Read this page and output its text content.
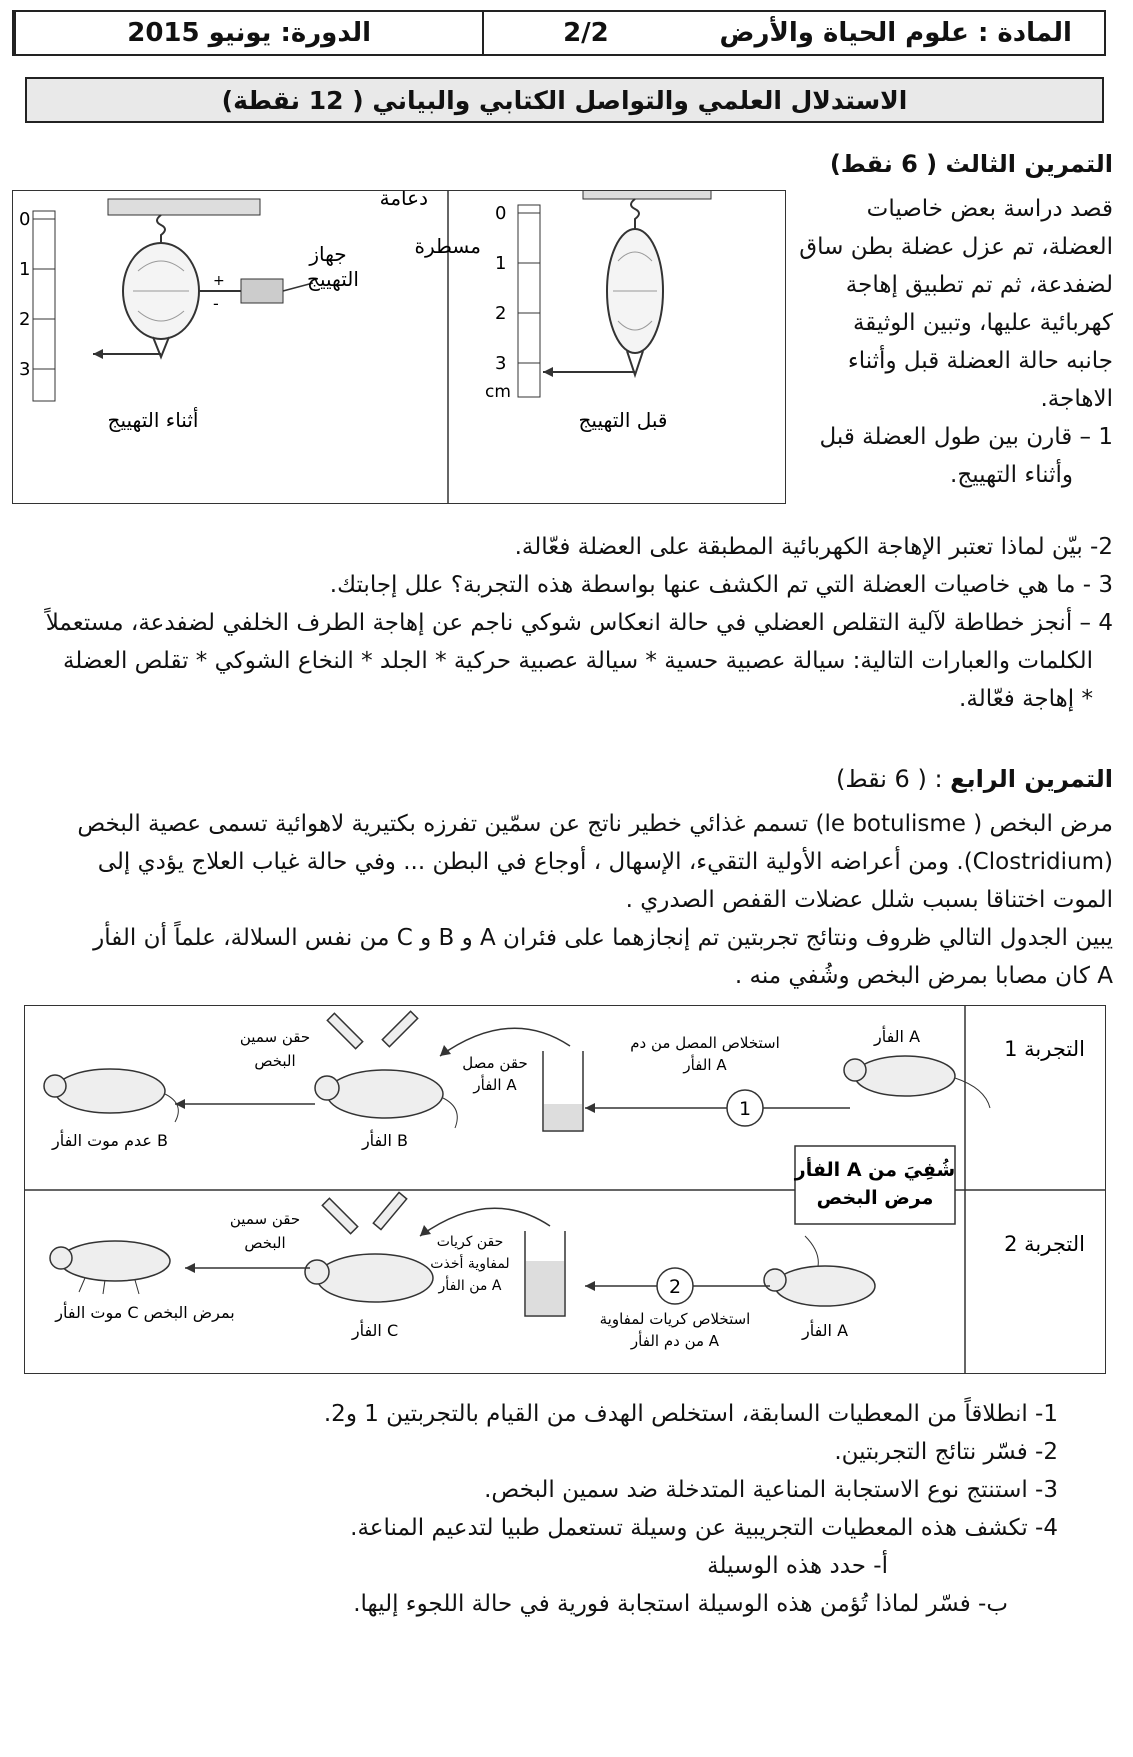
الدورة: يونيو 2015	2/2	المادة : علوم الحياة والأرض
الاستدلال العلمي والتواصل الكتابي والبياني ( 12 نقطة)
التمرين الثالث ( 6 نقط)
قصد دراسة بعض خاصيات
العضلة، تم عزل عضلة بطن ساق
لضفدعة، ثم تم تطبيق إهاجة
كهربائية عليها، وتبين الوثيقة
جانبه حالة العضلة قبل وأثناء
الاهاجة.
1 – قارن بين طول العضلة قبل
وأثناء التهييج.
+
-
جهاز
التهييج
0
1
2
3
أثناء التهييج
دعامة
مسطرة
0
1
2
3
cm
قبل التهييج
2- بيّن لماذا تعتبر الإهاجة الكهربائية المطبقة على العضلة فعّالة.
3 - ما هي خاصيات العضلة التي تم الكشف عنها بواسطة هذه التجربة؟ علل إجابتك.
4 – أنجز خطاطة لآلية التقلص العضلي في حالة انعكاس شوكي ناجم عن إهاجة الطرف الخلفي لضفدعة، مستعملاً
الكلمات والعبارات التالية: سيالة عصبية حسية * سيالة عصبية حركية * الجلد * النخاع الشوكي * تقلص العضلة
* إهاجة فعّالة.
التمرين الرابع : ( 6 نقط)
مرض البخص ( le botulisme) تسمم غذائي خطير ناتج عن سمّين تفرزه بكتيرية لاهوائية تسمى عصية البخص
(Clostridium). ومن أعراضه الأولية التقيء، الإسهال ، أوجاع في البطن ... وفي حالة غياب العلاج يؤدي إلى
الموت اختناقا بسبب شلل عضلات القفص الصدري .
يبين الجدول التالي ظروف ونتائج تجربتين تم إنجازهما على فئران A و B و C من نفس السلالة، علماً أن الفأر
A كان مصابا بمرض البخص وشُفي منه .
التجربة 1
التجربة 2
الفأر A شُفِيَ من
مرض البخص
الفأر A
1
استخلاص المصل من دم
الفأر A
حقن مصل
الفأر A
حقن سمين
البخص
الفأر B
عدم موت الفأر B
الفأر A
2
استخلاص كريات لمفاوية
من دم الفأر A
حقن كريات
لمفاوية أخذت
من الفأر A
حقن سمين
البخص
الفأر C
موت الفأر C بمرض البخص
1- انطلاقاً من المعطيات السابقة، استخلص الهدف من القيام بالتجربتين 1 و2.
2- فسّر نتائج التجربتين.
3- استنتج نوع الاستجابة المناعية المتدخلة ضد سمين البخص.
4- تكشف هذه المعطيات التجريبية عن وسيلة تستعمل طبيا لتدعيم المناعة.
أ- حدد هذه الوسيلة
ب- فسّر لماذا تُؤمن هذه الوسيلة استجابة فورية في حالة اللجوء إليها.
